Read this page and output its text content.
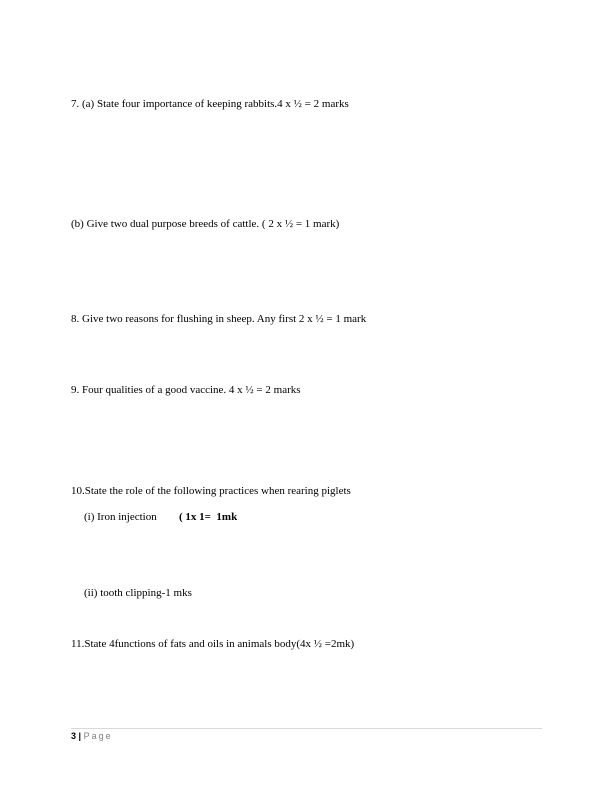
7. (a) State four importance of keeping rabbits.4 x ½ = 2 marks
(b) Give two dual purpose breeds of cattle. ( 2 x ½ = 1 mark)
8. Give two reasons for flushing in sheep. Any first 2 x ½ = 1 mark
9. Four qualities of a good vaccine. 4 x ½ = 2 marks
10.State the role of the following practices when rearing piglets
(i) Iron injection ( 1x 1=  1mk
(ii) tooth clipping-1 mks
11.State 4functions of fats and oils in animals body(4x ½ =2mk)
3 | Page
